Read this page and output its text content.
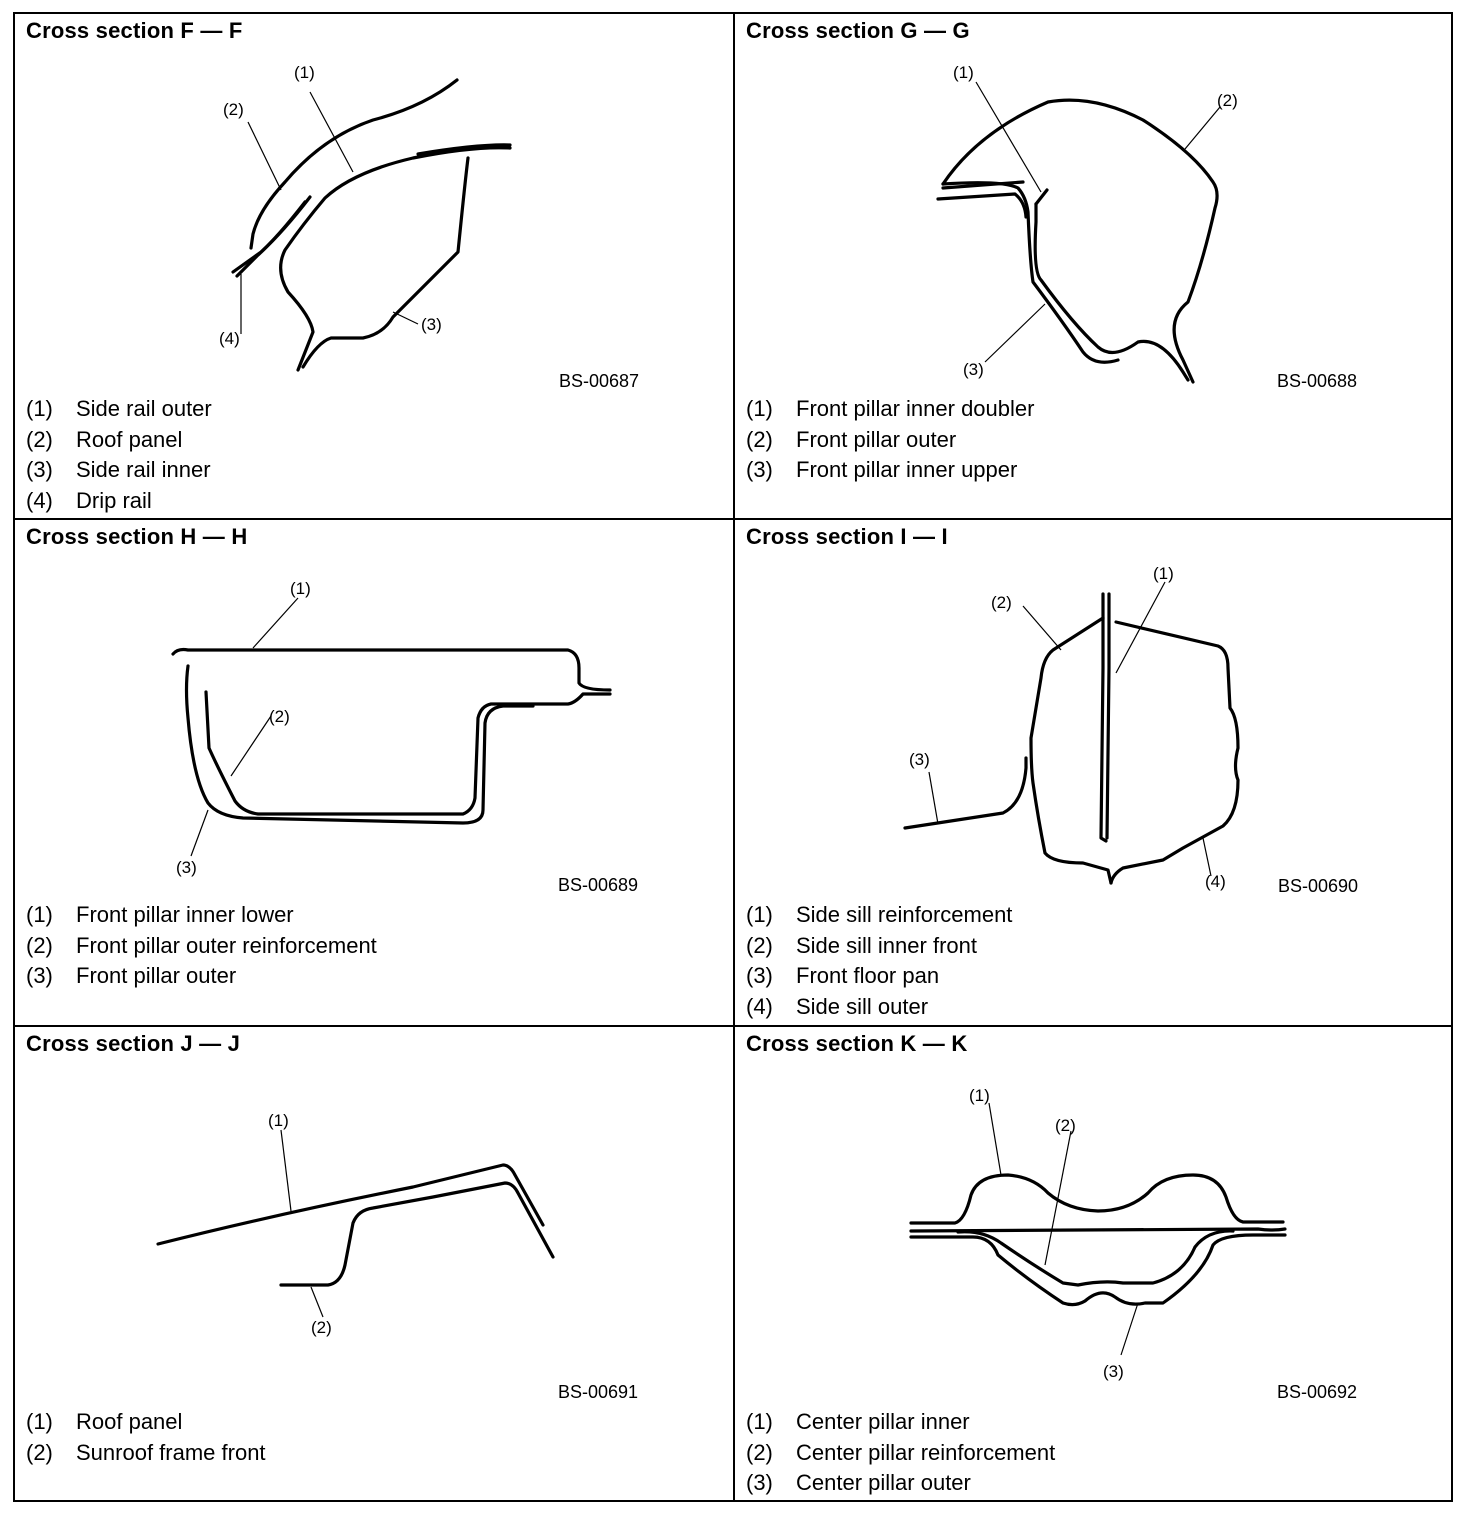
Cross section F — F
(1)
(2)
(3)
(4)
BS-00687
(1)	Side rail outer
(2)	Roof panel
(3)	Side rail inner
(4)	Drip rail
Cross section G — G
(1)
(2)
(3)
BS-00688
(1)	Front pillar inner doubler
(2)	Front pillar outer
(3)	Front pillar inner upper
Cross section H — H
(1)
(2)
(3)
BS-00689
(1)	Front pillar inner lower
(2)	Front pillar outer reinforcement
(3)	Front pillar outer
Cross section I — I
(1)
(2)
(3)
(4)	BS-00690
(1)	Side sill reinforcement
(2)	Side sill inner front
(3)	Front floor pan
(4)	Side sill outer
Cross section J — J
(1)
(2)
BS-00691
(1)	Roof panel
(2)	Sunroof frame front
Cross section K — K
(1)
(2)
(3)
BS-00692
(1)	Center pillar inner
(2)	Center pillar reinforcement
(3)	Center pillar outer
